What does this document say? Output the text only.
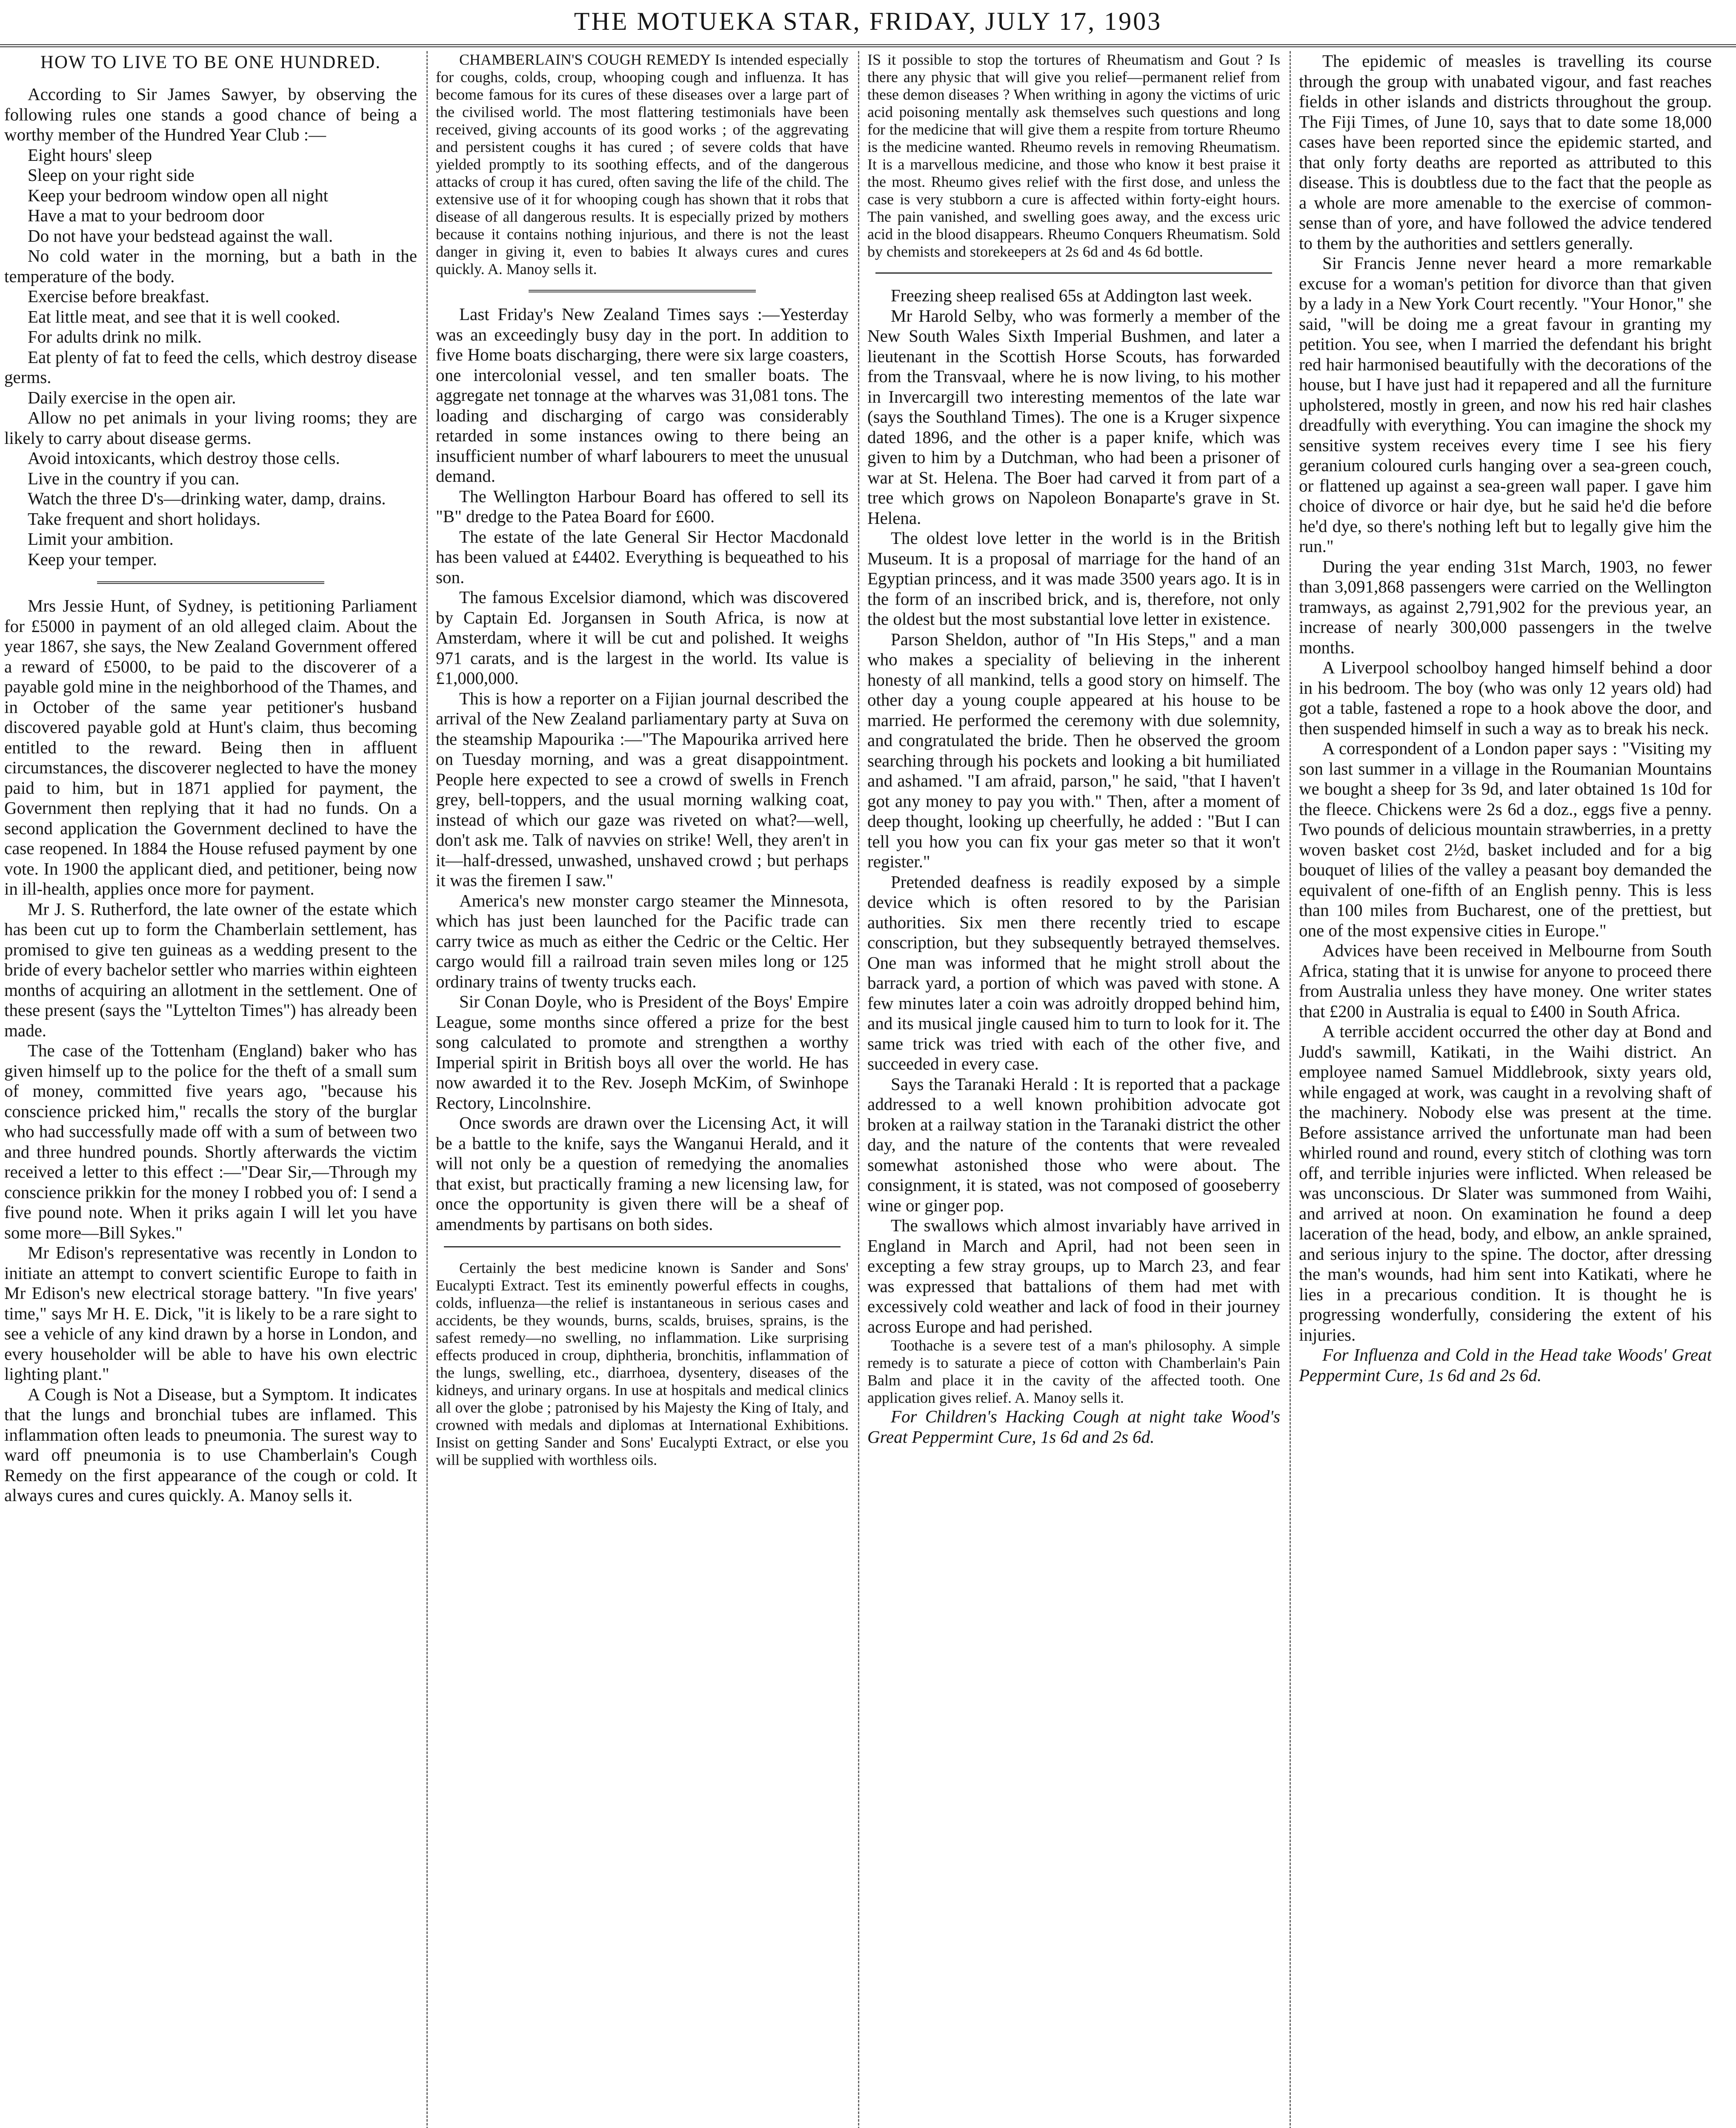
THE MOTUEKA STAR, FRIDAY, JULY 17, 1903
HOW TO LIVE TO BE ONE HUNDRED.

According to Sir James Sawyer, by observing the following rules one stands a good chance of being a worthy member of the Hundred Year Club :—

Eight hours' sleep
Sleep on your right side
Keep your bedroom window open all night
Have a mat to your bedroom door
Do not have your bedstead against the wall.
No cold water in the morning, but a bath in the temperature of the body.
Exercise before breakfast.
Eat little meat, and see that it is well cooked.
For adults drink no milk.
Eat plenty of fat to feed the cells, which destroy disease germs.
Daily exercise in the open air.
Allow no pet animals in your living rooms; they are likely to carry about disease germs.
Avoid intoxicants, which destroy those cells.
Live in the country if you can.
Watch the three D's—drinking water, damp, drains.
Take frequent and short holidays.
Limit your ambition.
Keep your temper.

Mrs Jessie Hunt, of Sydney, is petitioning Parliament for £5000 in payment of an old alleged claim. About the year 1867, she says, the New Zealand Government offered a reward of £5000, to be paid to the discoverer of a payable gold mine in the neighborhood of the Thames, and in October of the same year petitioner's husband discovered payable gold at Hunt's claim, thus becoming entitled to the reward. Being then in affluent circumstances, the discoverer neglected to have the money paid to him, but in 1871 applied for payment, the Government then replying that it had no funds. On a second application the Government declined to have the case reopened. In 1884 the House refused payment by one vote. In 1900 the applicant died, and petitioner, being now in ill-health, applies once more for payment.

Mr J. S. Rutherford, the late owner of the estate which has been cut up to form the Chamberlain settlement, has promised to give ten guineas as a wedding present to the bride of every bachelor settler who marries within eighteen months of acquiring an allotment in the settlement. One of these present (says the "Lyttelton Times") has already been made.

The case of the Tottenham (England) baker who has given himself up to the police for the theft of a small sum of money, committed five years ago, "because his conscience pricked him," recalls the story of the burglar who had successfully made off with a sum of between two and three hundred pounds. Shortly afterwards the victim received a letter to this effect :—"Dear Sir,—Through my conscience prikkin for the money I robbed you of: I send a five pound note. When it priks again I will let you have some more—Bill Sykes."

Mr Edison's representative was recently in London to initiate an attempt to convert scientific Europe to faith in Mr Edison's new electrical storage battery. "In five years' time," says Mr H. E. Dick, "it is likely to be a rare sight to see a vehicle of any kind drawn by a horse in London, and every householder will be able to have his own electric lighting plant."

A Cough is Not a Disease, but a Symptom. It indicates that the lungs and bronchial tubes are inflamed. This inflammation often leads to pneumonia. The surest way to ward off pneumonia is to use Chamberlain's Cough Remedy on the first appearance of the cough or cold. It always cures and cures quickly. A. Manoy sells it.

CHAMBERLAIN'S COUGH REMEDY Is intended especially for coughs, colds, croup, whooping cough and influenza. It has become famous for its cures of these diseases over a large part of the civilised world. The most flattering testimonials have been received, giving accounts of its good works ; of the aggrevating and persistent coughs it has cured ; of severe colds that have yielded promptly to its soothing effects, and of the dangerous attacks of croup it has cured, often saving the life of the child. The extensive use of it for whooping cough has shown that it robs that disease of all dangerous results. It is especially prized by mothers because it contains nothing injurious, and there is not the least danger in giving it, even to babies It always cures and cures quickly. A. Manoy sells it.

Last Friday's New Zealand Times says :—Yesterday was an exceedingly busy day in the port. In addition to five Home boats discharging, there were six large coasters, one intercolonial vessel, and ten smaller boats. The aggregate net tonnage at the wharves was 31,081 tons. The loading and discharging of cargo was considerably retarded in some instances owing to there being an insufficient number of wharf labourers to meet the unusual demand.

The Wellington Harbour Board has offered to sell its "B" dredge to the Patea Board for £600.

The estate of the late General Sir Hector Macdonald has been valued at £4402. Everything is bequeathed to his son.

The famous Excelsior diamond, which was discovered by Captain Ed. Jorgansen in South Africa, is now at Amsterdam, where it will be cut and polished. It weighs 971 carats, and is the largest in the world. Its value is £1,000,000.

This is how a reporter on a Fijian journal described the arrival of the New Zealand parliamentary party at Suva on the steamship Mapourika :—"The Mapourika arrived here on Tuesday morning, and was a great disappointment. People here expected to see a crowd of swells in French grey, bell-toppers, and the usual morning walking coat, instead of which our gaze was riveted on what?—well, don't ask me. Talk of navvies on strike! Well, they aren't in it—half-dressed, unwashed, unshaved crowd ; but perhaps it was the firemen I saw."

America's new monster cargo steamer the Minnesota, which has just been launched for the Pacific trade can carry twice as much as either the Cedric or the Celtic. Her cargo would fill a railroad train seven miles long or 125 ordinary trains of twenty trucks each.

Sir Conan Doyle, who is President of the Boys' Empire League, some months since offered a prize for the best song calculated to promote and strengthen a worthy Imperial spirit in British boys all over the world. He has now awarded it to the Rev. Joseph McKim, of Swinhope Rectory, Lincolnshire.

Once swords are drawn over the Licensing Act, it will be a battle to the knife, says the Wanganui Herald, and it will not only be a question of remedying the anomalies that exist, but practically framing a new licensing law, for once the opportunity is given there will be a sheaf of amendments by partisans on both sides.

Certainly the best medicine known is Sander and Sons' Eucalypti Extract. Test its eminently powerful effects in coughs, colds, influenza—the relief is instantaneous in serious cases and accidents, be they wounds, burns, scalds, bruises, sprains, is the safest remedy—no swelling, no inflammation. Like surprising effects produced in croup, diphtheria, bronchitis, inflammation of the lungs, swelling, etc., diarrhoea, dysentery, diseases of the kidneys, and urinary organs. In use at hospitals and medical clinics all over the globe ; patronised by his Majesty the King of Italy, and crowned with medals and diplomas at International Exhibitions. Insist on getting Sander and Sons' Eucalypti Extract, or else you will be supplied with worthless oils.

IS it possible to stop the tortures of Rheumatism and Gout ? Is there any physic that will give you relief—permanent relief from these demon diseases ? When writhing in agony the victims of uric acid poisoning mentally ask themselves such questions and long for the medicine that will give them a respite from torture Rheumo is the medicine wanted. Rheumo revels in removing Rheumatism. It is a marvellous medicine, and those who know it best praise it the most. Rheumo gives relief with the first dose, and unless the case is very stubborn a cure is affected within forty-eight hours. The pain vanished, and swelling goes away, and the excess uric acid in the blood disappears. Rheumo Conquers Rheumatism. Sold by chemists and storekeepers at 2s 6d and 4s 6d bottle.

Freezing sheep realised 65s at Addington last week.

Mr Harold Selby, who was formerly a member of the New South Wales Sixth Imperial Bushmen, and later a lieutenant in the Scottish Horse Scouts, has forwarded from the Transvaal, where he is now living, to his mother in Invercargill two interesting mementos of the late war (says the Southland Times). The one is a Kruger sixpence dated 1896, and the other is a paper knife, which was given to him by a Dutchman, who had been a prisoner of war at St. Helena. The Boer had carved it from part of a tree which grows on Napoleon Bonaparte's grave in St. Helena.

The oldest love letter in the world is in the British Museum. It is a proposal of marriage for the hand of an Egyptian princess, and it was made 3500 years ago. It is in the form of an inscribed brick, and is, therefore, not only the oldest but the most substantial love letter in existence.

Parson Sheldon, author of "In His Steps," and a man who makes a speciality of believing in the inherent honesty of all mankind, tells a good story on himself. The other day a young couple appeared at his house to be married. He performed the ceremony with due solemnity, and congratulated the bride. Then he observed the groom searching through his pockets and looking a bit humiliated and ashamed. "I am afraid, parson," he said, "that I haven't got any money to pay you with." Then, after a moment of deep thought, looking up cheerfully, he added : "But I can tell you how you can fix your gas meter so that it won't register."

Pretended deafness is readily exposed by a simple device which is often resored to by the Parisian authorities. Six men there recently tried to escape conscription, but they subsequently betrayed themselves. One man was informed that he might stroll about the barrack yard, a portion of which was paved with stone. A few minutes later a coin was adroitly dropped behind him, and its musical jingle caused him to turn to look for it. The same trick was tried with each of the other five, and succeeded in every case.

Says the Taranaki Herald : It is reported that a package addressed to a well known prohibition advocate got broken at a railway station in the Taranaki district the other day, and the nature of the contents that were revealed somewhat astonished those who were about. The consignment, it is stated, was not composed of gooseberry wine or ginger pop.

The swallows which almost invariably have arrived in England in March and April, had not been seen in excepting a few stray groups, up to March 23, and fear was expressed that battalions of them had met with excessively cold weather and lack of food in their journey across Europe and had perished.

Toothache is a severe test of a man's philosophy. A simple remedy is to saturate a piece of cotton with Chamberlain's Pain Balm and place it in the cavity of the affected tooth. One application gives relief. A. Manoy sells it.

For Children's Hacking Cough at night take Wood's Great Peppermint Cure, 1s 6d and 2s 6d.

The epidemic of measles is travelling its course through the group with unabated vigour, and fast reaches fields in other islands and districts throughout the group. The Fiji Times, of June 10, says that to date some 18,000 cases have been reported since the epidemic started, and that only forty deaths are reported as attributed to this disease. This is doubtless due to the fact that the people as a whole are more amenable to the exercise of common-sense than of yore, and have followed the advice tendered to them by the authorities and settlers generally.

Sir Francis Jenne never heard a more remarkable excuse for a woman's petition for divorce than that given by a lady in a New York Court recently. "Your Honor," she said, "will be doing me a great favour in granting my petition. You see, when I married the defendant his bright red hair harmonised beautifully with the decorations of the house, but I have just had it repapered and all the furniture upholstered, mostly in green, and now his red hair clashes dreadfully with everything. You can imagine the shock my sensitive system receives every time I see his fiery geranium coloured curls hanging over a sea-green couch, or flattened up against a sea-green wall paper. I gave him choice of divorce or hair dye, but he said he'd die before he'd dye, so there's nothing left but to legally give him the run."

During the year ending 31st March, 1903, no fewer than 3,091,868 passengers were carried on the Wellington tramways, as against 2,791,902 for the previous year, an increase of nearly 300,000 passengers in the twelve months.

A Liverpool schoolboy hanged himself behind a door in his bedroom. The boy (who was only 12 years old) had got a table, fastened a rope to a hook above the door, and then suspended himself in such a way as to break his neck.

A correspondent of a London paper says : "Visiting my son last summer in a village in the Roumanian Mountains we bought a sheep for 3s 9d, and later obtained 1s 10d for the fleece. Chickens were 2s 6d a doz., eggs five a penny. Two pounds of delicious mountain strawberries, in a pretty woven basket cost 2½d, basket included and for a big bouquet of lilies of the valley a peasant boy demanded the equivalent of one-fifth of an English penny. This is less than 100 miles from Bucharest, one of the prettiest, but one of the most expensive cities in Europe."

Advices have been received in Melbourne from South Africa, stating that it is unwise for anyone to proceed there from Australia unless they have money. One writer states that £200 in Australia is equal to £400 in South Africa.

A terrible accident occurred the other day at Bond and Judd's sawmill, Katikati, in the Waihi district. An employee named Samuel Middlebrook, sixty years old, while engaged at work, was caught in a revolving shaft of the machinery. Nobody else was present at the time. Before assistance arrived the unfortunate man had been whirled round and round, every stitch of clothing was torn off, and terrible injuries were inflicted. When released be was unconscious. Dr Slater was summoned from Waihi, and arrived at noon. On examination he found a deep laceration of the head, body, and elbow, an ankle sprained, and serious injury to the spine. The doctor, after dressing the man's wounds, had him sent into Katikati, where he lies in a precarious condition. It is thought he is progressing wonderfully, considering the extent of his injuries.

For Influenza and Cold in the Head take Woods' Great Peppermint Cure, 1s 6d and 2s 6d.
